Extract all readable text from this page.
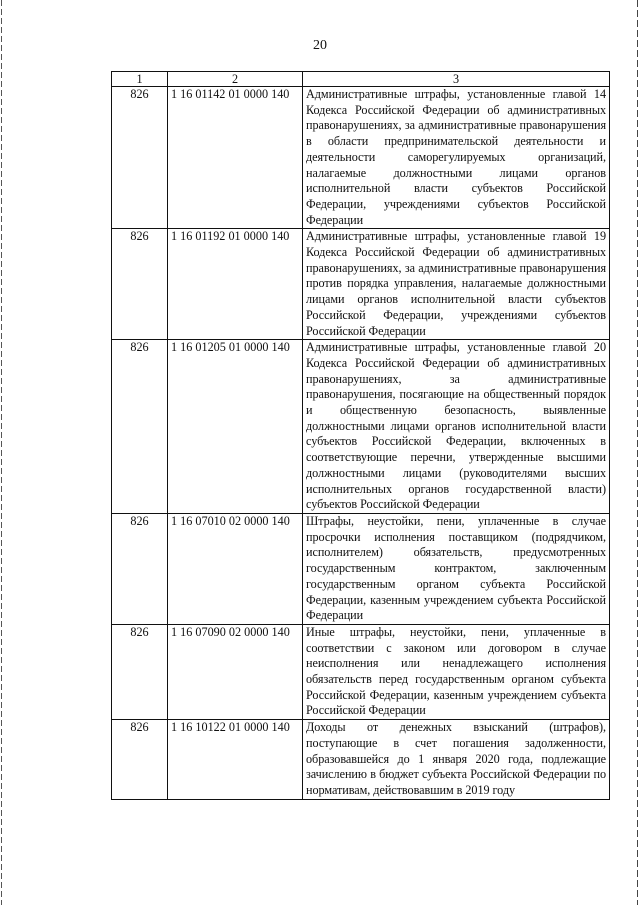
20
1	2	3
826	1 16 01142 01 0000 140	Административные штрафы, установленные главой 14 Кодекса Российской Федерации об административных правонарушениях, за административные правонарушения в области предпринимательской деятельности и деятельности саморегулируемых организаций, налагаемые должностными лицами органов исполнительной власти субъектов Российской Федерации, учреждениями субъектов Российской Федерации
826	1 16 01192 01 0000 140	Административные штрафы, установленные главой 19 Кодекса Российской Федерации об административных правонарушениях, за административные правонарушения против порядка управления, налагаемые должностными лицами органов исполнительной власти субъектов Российской Федерации, учреждениями субъектов Российской Федерации
826	1 16 01205 01 0000 140	Административные штрафы, установленные главой 20 Кодекса Российской Федерации об административных правонарушениях, за административные правонарушения, посягающие на общественный порядок и общественную безопасность, выявленные должностными лицами органов исполнительной власти субъектов Российской Федерации, включенных в соответствующие перечни, утвержденные высшими должностными лицами (руководителями высших исполнительных органов государственной власти) субъектов Российской Федерации
826	1 16 07010 02 0000 140	Штрафы, неустойки, пени, уплаченные в случае просрочки исполнения поставщиком (подрядчиком, исполнителем) обязательств, предусмотренных государственным контрактом, заключенным государственным органом субъекта Российской Федерации, казенным учреждением субъекта Российской Федерации
826	1 16 07090 02 0000 140	Иные штрафы, неустойки, пени, уплаченные в соответствии с законом или договором в случае неисполнения или ненадлежащего исполнения обязательств перед государственным органом субъекта Российской Федерации, казенным учреждением субъекта Российской Федерации
826	1 16 10122 01 0000 140	Доходы от денежных взысканий (штрафов), поступающие в счет погашения задолженности, образовавшейся до 1 января 2020 года, подлежащие зачислению в бюджет субъекта Российской Федерации по нормативам, действовавшим в 2019 году
